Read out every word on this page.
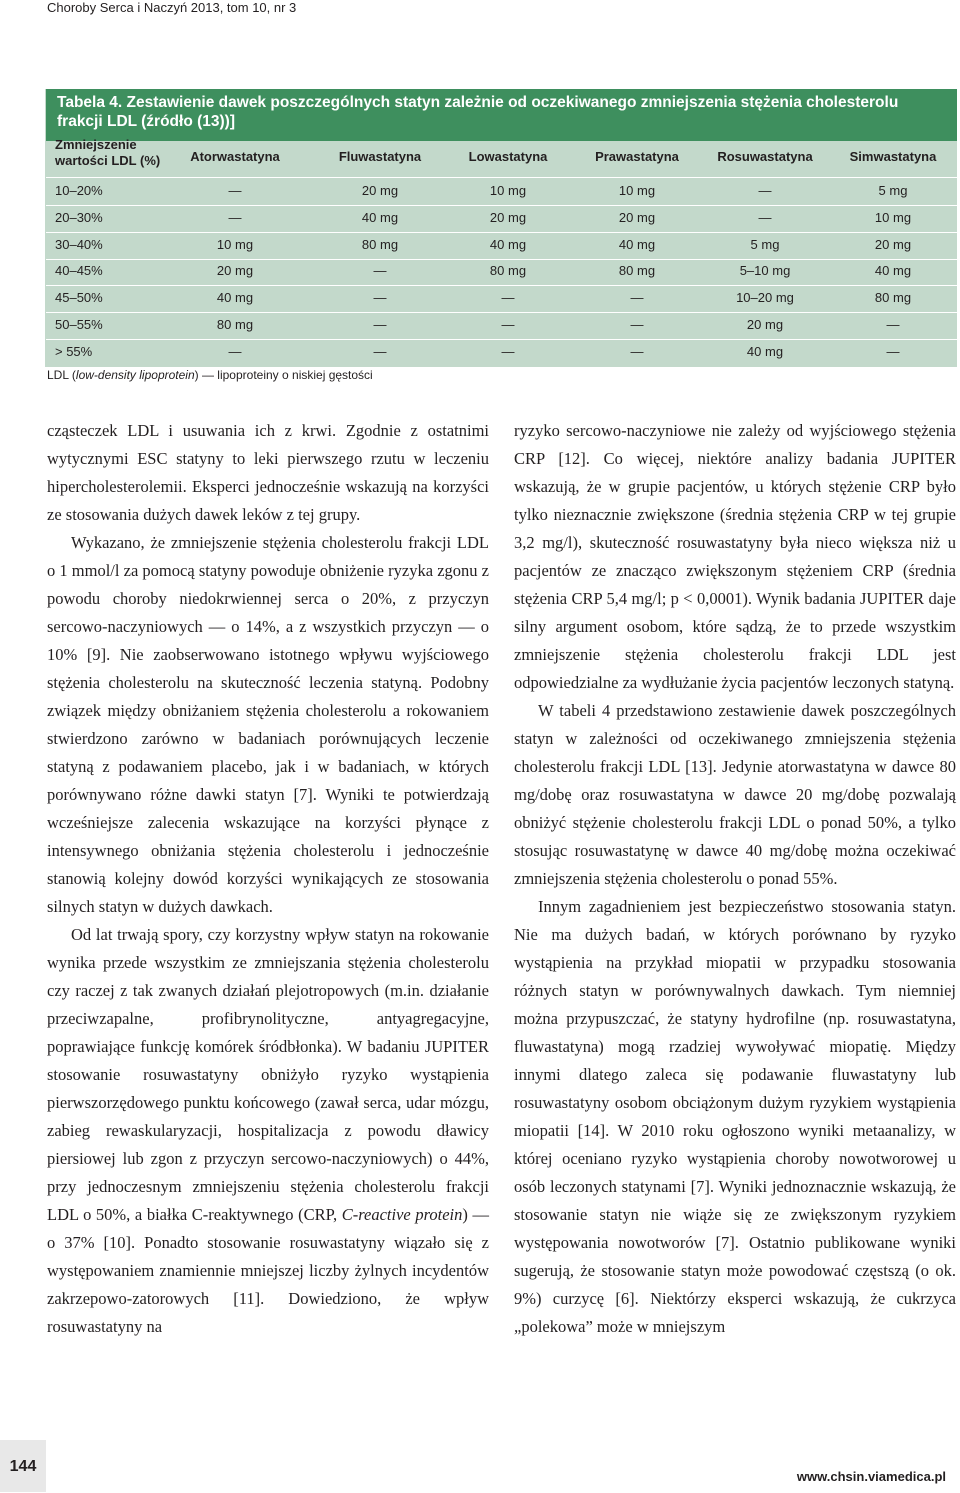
Choroby Serca i Naczyń 2013, tom 10, nr 3
Tabela 4. Zestawienie dawek poszczególnych statyn zależnie od oczekiwanego zmniejszenia stężenia cholesterolu frakcji LDL (źródło (13))]
Zmniejszenie wartości LDL (%)	Atorwastatyna	Fluwastatyna	Lowastatyna	Prawastatyna	Rosuwastatyna	Simwastatyna
10–20%	—	20 mg	10 mg	10 mg	—	5 mg
20–30%	—	40 mg	20 mg	20 mg	—	10 mg
30–40%	10 mg	80 mg	40 mg	40 mg	5 mg	20 mg
40–45%	20 mg	—	80 mg	80 mg	5–10 mg	40 mg
45–50%	40 mg	—	—	—	10–20 mg	80 mg
50–55%	80 mg	—	—	—	20 mg	—
> 55%	—	—	—	—	40 mg	—
LDL (low-density lipoprotein) — lipoproteiny o niskiej gęstości

cząsteczek LDL i usuwania ich z krwi. Zgodnie z ostatnimi wytycznymi ESC statyny to leki pierwszego rzutu w leczeniu hipercholesterolemii. Eksperci jednocześnie wskazują na korzyści ze stosowania dużych dawek leków z tej grupy.

Wykazano, że zmniejszenie stężenia cholesterolu frakcji LDL o 1 mmol/l za pomocą statyny powoduje obniżenie ryzyka zgonu z powodu choroby niedokrwiennej serca o 20%, z przyczyn sercowo-naczyniowych — o 14%, a z wszystkich przyczyn — o 10% [9]. Nie zaobserwowano istotnego wpływu wyjściowego stężenia cholesterolu na skuteczność leczenia statyną. Podobny związek między obniżaniem stężenia cholesterolu a rokowaniem stwierdzono zarówno w badaniach porównujących leczenie statyną z podawaniem placebo, jak i w badaniach, w których porównywano różne dawki statyn [7]. Wyniki te potwierdzają wcześniejsze zalecenia wskazujące na korzyści płynące z intensywnego obniżania stężenia cholesterolu i jednocześnie stanowią kolejny dowód korzyści wynikających ze stosowania silnych statyn w dużych dawkach.

Od lat trwają spory, czy korzystny wpływ statyn na rokowanie wynika przede wszystkim ze zmniejszania stężenia cholesterolu czy raczej z tak zwanych działań plejotropowych (m.in. działanie przeciwzapalne, profibrynolityczne, antyagregacyjne, poprawiające funkcję komórek śródbłonka). W badaniu JUPITER stosowanie rosuwastatyny obniżyło ryzyko wystąpienia pierwszorzędowego punktu końcowego (zawał serca, udar mózgu, zabieg rewaskularyzacji, hospitalizacja z powodu dławicy piersiowej lub zgon z przyczyn sercowo-naczyniowych) o 44%, przy jednoczesnym zmniejszeniu stężenia cholesterolu frakcji LDL o 50%, a białka C-reaktywnego (CRP, C-reactive protein) — o 37% [10]. Ponadto stosowanie rosuwastatyny wiązało się z występowaniem znamiennie mniejszej liczby żylnych incydentów zakrzepowo-zatorowych [11]. Dowiedziono, że wpływ rosuwastatyny na

ryzyko sercowo-naczyniowe nie zależy od wyjściowego stężenia CRP [12]. Co więcej, niektóre analizy badania JUPITER wskazują, że w grupie pacjentów, u których stężenie CRP było tylko nieznacznie zwiększone (średnia stężenia CRP w tej grupie 3,2 mg/l), skuteczność rosuwastatyny była nieco większa niż u pacjentów ze znacząco zwiększonym stężeniem CRP (średnia stężenia CRP 5,4 mg/l; p < 0,0001). Wynik badania JUPITER daje silny argument osobom, które sądzą, że to przede wszystkim zmniejszenie stężenia cholesterolu frakcji LDL jest odpowiedzialne za wydłużanie życia pacjentów leczonych statyną.

W tabeli 4 przedstawiono zestawienie dawek poszczególnych statyn w zależności od oczekiwanego zmniejszenia stężenia cholesterolu frakcji LDL [13]. Jedynie atorwastatyna w dawce 80 mg/dobę oraz rosuwastatyna w dawce 20 mg/dobę pozwalają obniżyć stężenie cholesterolu frakcji LDL o ponad 50%, a tylko stosując rosuwastatynę w dawce 40 mg/dobę można oczekiwać zmniejszenia stężenia cholesterolu o ponad 55%.

Innym zagadnieniem jest bezpieczeństwo stosowania statyn. Nie ma dużych badań, w których porównano by ryzyko wystąpienia na przykład miopatii w przypadku stosowania różnych statyn w porównywalnych dawkach. Tym niemniej można przypuszczać, że statyny hydrofilne (np. rosuwastatyna, fluwastatyna) mogą rzadziej wywoływać miopatię. Między innymi dlatego zaleca się podawanie fluwastatyny lub rosuwastatyny osobom obciążonym dużym ryzykiem wystąpienia miopatii [14]. W 2010 roku ogłoszono wyniki metaanalizy, w której oceniano ryzyko wystąpienia choroby nowotworowej u osób leczonych statynami [7]. Wyniki jednoznacznie wskazują, że stosowanie statyn nie wiąże się ze zwiększonym ryzykiem występowania nowotworów [7]. Ostatnio publikowane wyniki sugerują, że stosowanie statyn może powodować częstszą (o ok. 9%) curzycę [6]. Niektórzy eksperci wskazują, że cukrzyca „polekowa” może w mniejszym

144
www.chsin.viamedica.pl
